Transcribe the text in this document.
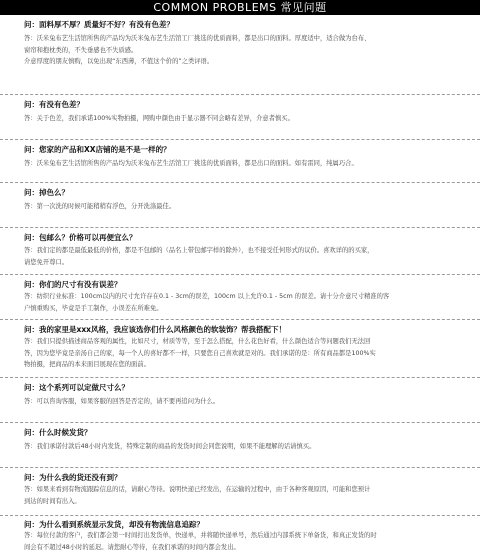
COMMON PROBLEMS 常见问题
问：面料厚不厚？质量好不好？有没有色差？
答：沃米兔布艺生活馆所售的产品均为沃米兔布艺生活馆工厂挑选的优质面料，都是出口的面料。厚度适中，适合做为台布、
窗帘和抱枕类的，不失垂感也不失质感。
介意厚度的朋友慎购，以免出现“东西薄，不值这个价的”之类评语。
问：有没有色差？
答：关于色差，我们承诺100%实物拍摄，网购中颜色由于显示器不同会略有差异，介意者慎买。
问：您家的产品和XX店铺的是不是一样的？
答：沃米兔布艺生活馆所售的产品均为沃米兔布艺生活馆工厂挑选的优质面料，都是出口的面料。如有雷同，纯属巧合。
问：掉色么？
答：第一次洗的时候可能稍稍有浮色，分开洗涤最佳。
问：包邮么？价格可以再便宜么？
答：我们定的都是最低最低的价格，都是不包邮的（品名上带包邮字样的除外），也不接受任何形式的议价。喜欢详的的买家，
请您免开尊口。
问：你们的尺寸有没有误差？
答：纺织行业标准：100cm以内的尺寸允许存在0.1 - 3cm的误差，100cm 以上允许0.1 - 5cm 的误差。请十分介意尺寸精准的客
户慎重购买，毕竟是手工制作，小误差在所难免。
问：我的家里是xxx风格，我应该选你们什么风格颜色的软装饰？帮我搭配下！
答：我们只提供描述商品客观的属性，比如尺寸，材质等等，至于怎么搭配，什么花色好看，什么颜色适合等问题我们无法回
答，因为您毕竟是亲汤自己的家，每一个人的喜好都不一样，只要您自己喜欢就是对的。我们承诺的是：所有商品都是100%实
物拍摄，把商品的本来面目展现在您的面前。
问：这个系列可以定做尺寸么？
答：可以咨询客服，如果客服的回答是否定的，请不要再追问为什么。
问：什么时候发货？
答：我们承诺付款后48小时内发货，特殊定制的商品的发货时间会同您说明，如果不能理解的话请慎买。
问：为什么我的货还没有到？
答：如果来看到有物流跟踪信息的话，请耐心等待。说明快递已经发出，在运输的过程中，由于各种客观原因，可能和您预计
到达的时间有出入。
问：为什么看到系统显示发货，却没有物流信息追踪？
答：每位付款的客户，我们都会第一时间打出发货单，快递单，并将随快递单号，然后通过内部系统下单备货，和真正发货的时
间会有不超过48小时的延迟。请您耐心等待，在我们承诺的时间内都会发出。
